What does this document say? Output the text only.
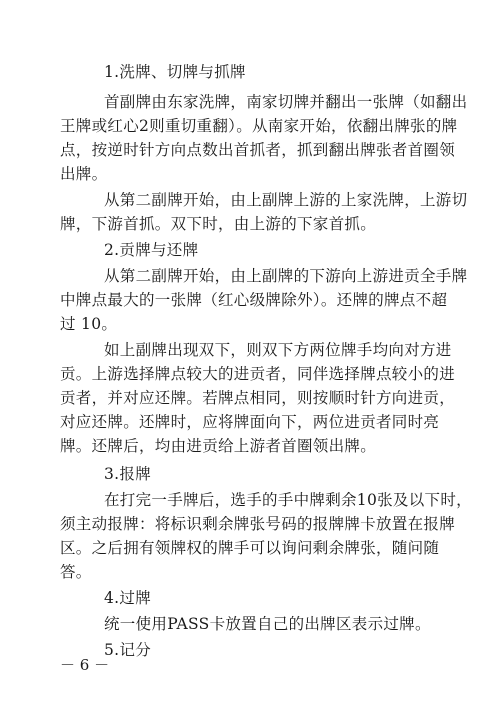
1.洗牌、切牌与抓牌
首副牌由东家洗牌，南家切牌并翻出一张牌（如翻出
王牌或红心2则重切重翻）。从南家开始，依翻出牌张的牌
点，按逆时针方向点数出首抓者，抓到翻出牌张者首圈领
出牌。
从第二副牌开始，由上副牌上游的上家洗牌，上游切
牌，下游首抓。双下时，由上游的下家首抓。
2.贡牌与还牌
从第二副牌开始，由上副牌的下游向上游进贡全手牌
中牌点最大的一张牌（红心级牌除外）。还牌的牌点不超
过 10。
如上副牌出现双下，则双下方两位牌手均向对方进
贡。上游选择牌点较大的进贡者，同伴选择牌点较小的进
贡者，并对应还牌。若牌点相同，则按顺时针方向进贡，
对应还牌。还牌时，应将牌面向下，两位进贡者同时亮
牌。还牌后，均由进贡给上游者首圈领出牌。
3.报牌
在打完一手牌后，选手的手中牌剩余10张及以下时，
须主动报牌：将标识剩余牌张号码的报牌牌卡放置在报牌
区。之后拥有领牌权的牌手可以询问剩余牌张，随问随
答。
4.过牌
统一使用PASS卡放置自己的出牌区表示过牌。
5.记分
－ 6 －
